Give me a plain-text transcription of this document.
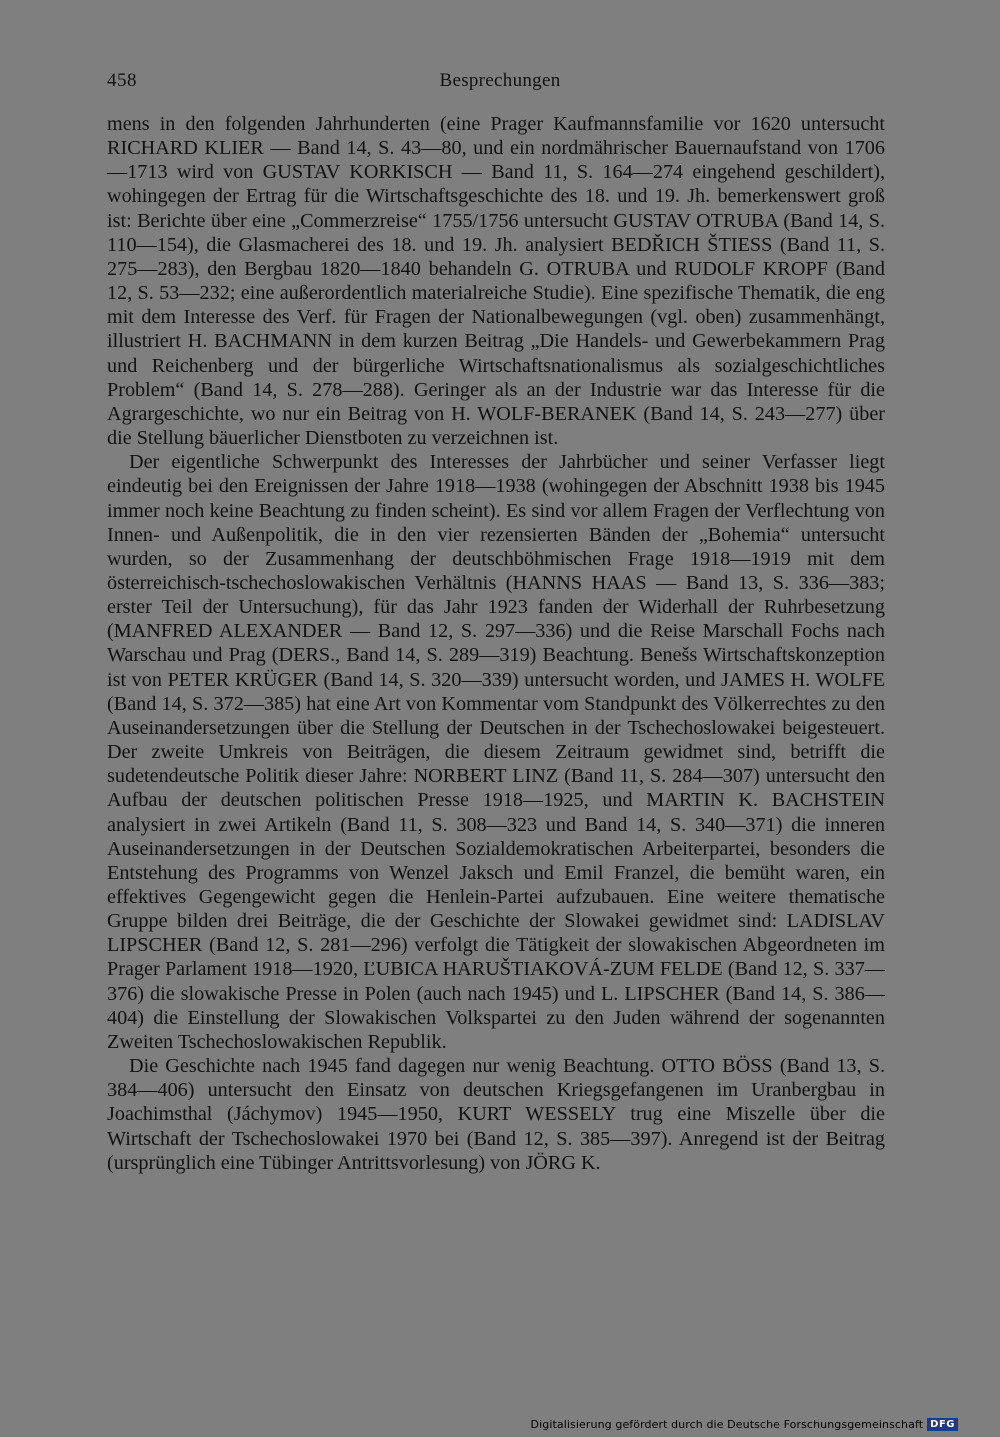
458	Besprechungen

mens in den folgenden Jahrhunderten (eine Prager Kaufmannsfamilie vor 1620 untersucht RICHARD KLIER — Band 14, S. 43—80, und ein nordmährischer Bauernaufstand von 1706—1713 wird von GUSTAV KORKISCH — Band 11, S. 164—274 eingehend geschildert), wohingegen der Ertrag für die Wirtschaftsgeschichte des 18. und 19. Jh. bemerkenswert groß ist: Berichte über eine „Commerzreise“ 1755/1756 untersucht GUSTAV OTRUBA (Band 14, S. 110—154), die Glasmacherei des 18. und 19. Jh. analysiert BEDŘICH ŠTIESS (Band 11, S. 275—283), den Bergbau 1820—1840 behandeln G. OTRUBA und RUDOLF KROPF (Band 12, S. 53—232; eine außerordentlich materialreiche Studie). Eine spezifische Thematik, die eng mit dem Interesse des Verf. für Fragen der Nationalbewegungen (vgl. oben) zusammenhängt, illustriert H. BACHMANN in dem kurzen Beitrag „Die Handels- und Gewerbekammern Prag und Reichenberg und der bürgerliche Wirtschaftsnationalismus als sozialgeschichtliches Problem“ (Band 14, S. 278—288). Geringer als an der Industrie war das Interesse für die Agrargeschichte, wo nur ein Beitrag von H. WOLF-BERANEK (Band 14, S. 243—277) über die Stellung bäuerlicher Dienstboten zu verzeichnen ist.

Der eigentliche Schwerpunkt des Interesses der Jahrbücher und seiner Verfasser liegt eindeutig bei den Ereignissen der Jahre 1918—1938 (wohingegen der Abschnitt 1938 bis 1945 immer noch keine Beachtung zu finden scheint). Es sind vor allem Fragen der Verflechtung von Innen- und Außenpolitik, die in den vier rezensierten Bänden der „Bohemia“ untersucht wurden, so der Zusammenhang der deutschböhmischen Frage 1918—1919 mit dem österreichisch-tschechoslowakischen Verhältnis (HANNS HAAS — Band 13, S. 336—383; erster Teil der Untersuchung), für das Jahr 1923 fanden der Widerhall der Ruhrbesetzung (MANFRED ALEXANDER — Band 12, S. 297—336) und die Reise Marschall Fochs nach Warschau und Prag (DERS., Band 14, S. 289—319) Beachtung. Benešs Wirtschaftskonzeption ist von PETER KRÜGER (Band 14, S. 320—339) untersucht worden, und JAMES H. WOLFE (Band 14, S. 372—385) hat eine Art von Kommentar vom Standpunkt des Völkerrechtes zu den Auseinandersetzungen über die Stellung der Deutschen in der Tschechoslowakei beigesteuert. Der zweite Umkreis von Beiträgen, die diesem Zeitraum gewidmet sind, betrifft die sudetendeutsche Politik dieser Jahre: NORBERT LINZ (Band 11, S. 284—307) untersucht den Aufbau der deutschen politischen Presse 1918—1925, und MARTIN K. BACHSTEIN analysiert in zwei Artikeln (Band 11, S. 308—323 und Band 14, S. 340—371) die inneren Auseinandersetzungen in der Deutschen Sozialdemokratischen Arbeiterpartei, besonders die Entstehung des Programms von Wenzel Jaksch und Emil Franzel, die bemüht waren, ein effektives Gegengewicht gegen die Henlein-Partei aufzubauen. Eine weitere thematische Gruppe bilden drei Beiträge, die der Geschichte der Slowakei gewidmet sind: LADISLAV LIPSCHER (Band 12, S. 281—296) verfolgt die Tätigkeit der slowakischen Abgeordneten im Prager Parlament 1918—1920, ĽUBICA HARUŠTIAKOVÁ-ZUM FELDE (Band 12, S. 337—376) die slowakische Presse in Polen (auch nach 1945) und L. LIPSCHER (Band 14, S. 386—404) die Einstellung der Slowakischen Volkspartei zu den Juden während der sogenannten Zweiten Tschechoslowakischen Republik.

Die Geschichte nach 1945 fand dagegen nur wenig Beachtung. OTTO BÖSS (Band 13, S. 384—406) untersucht den Einsatz von deutschen Kriegsgefangenen im Uranbergbau in Joachimsthal (Jáchymov) 1945—1950, KURT WESSELY trug eine Miszelle über die Wirtschaft der Tschechoslowakei 1970 bei (Band 12, S. 385—397). Anregend ist der Beitrag (ursprünglich eine Tübinger Antrittsvorlesung) von JÖRG K.

Digitalisierung gefördert durch die Deutsche Forschungsgemeinschaft DFG
